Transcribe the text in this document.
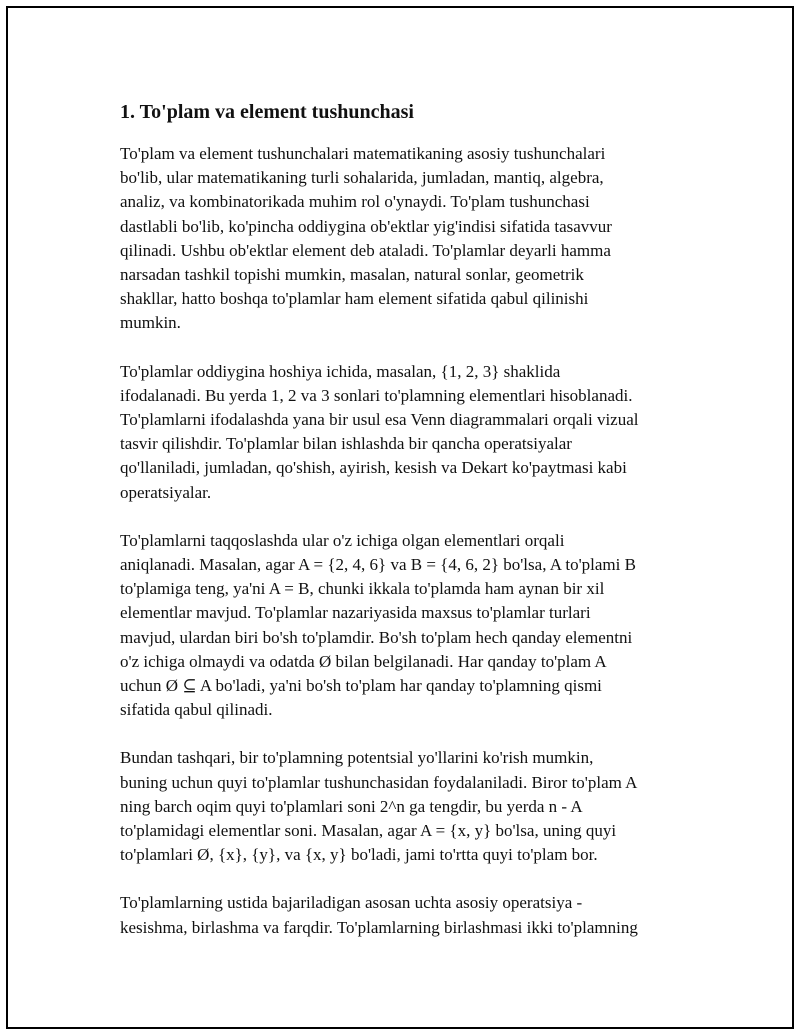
1. To'plam va element tushunchasi

To'plam va element tushunchalari matematikaning asosiy tushunchalari
bo'lib, ular matematikaning turli sohalarida, jumladan, mantiq, algebra,
analiz, va kombinatorikada muhim rol o'ynaydi. To'plam tushunchasi
dastlabli bo'lib, ko'pincha oddiygina ob'ektlar yig'indisi sifatida tasavvur
qilinadi. Ushbu ob'ektlar element deb ataladi. To'plamlar deyarli hamma
narsadan tashkil topishi mumkin, masalan, natural sonlar, geometrik
shakllar, hatto boshqa to'plamlar ham element sifatida qabul qilinishi
mumkin.

To'plamlar oddiygina hoshiya ichida, masalan, {1, 2, 3} shaklida
ifodalanadi. Bu yerda 1, 2 va 3 sonlari to'plamning elementlari hisoblanadi.
To'plamlarni ifodalashda yana bir usul esa Venn diagrammalari orqali vizual
tasvir qilishdir. To'plamlar bilan ishlashda bir qancha operatsiyalar
qo'llaniladi, jumladan, qo'shish, ayirish, kesish va Dekart ko'paytmasi kabi
operatsiyalar.

To'plamlarni taqqoslashda ular o'z ichiga olgan elementlari orqali
aniqlanadi. Masalan, agar A = {2, 4, 6} va B = {4, 6, 2} bo'lsa, A to'plami B
to'plamiga teng, ya'ni A = B, chunki ikkala to'plamda ham aynan bir xil
elementlar mavjud. To'plamlar nazariyasida maxsus to'plamlar turlari
mavjud, ulardan biri bo'sh to'plamdir. Bo'sh to'plam hech qanday elementni
o'z ichiga olmaydi va odatda Ø bilan belgilanadi. Har qanday to'plam A
uchun Ø ⊆ A bo'ladi, ya'ni bo'sh to'plam har qanday to'plamning qismi
sifatida qabul qilinadi.

Bundan tashqari, bir to'plamning potentsial yo'llarini ko'rish mumkin,
buning uchun quyi to'plamlar tushunchasidan foydalaniladi. Biror to'plam A
ning barch oqim quyi to'plamlari soni 2^n ga tengdir, bu yerda n - A
to'plamidagi elementlar soni. Masalan, agar A = {x, y} bo'lsa, uning quyi
to'plamlari Ø, {x}, {y}, va {x, y} bo'ladi, jami to'rtta quyi to'plam bor.

To'plamlarning ustida bajariladigan asosan uchta asosiy operatsiya -
kesishma, birlashma va farqdir. To'plamlarning birlashmasi ikki to'plamning
